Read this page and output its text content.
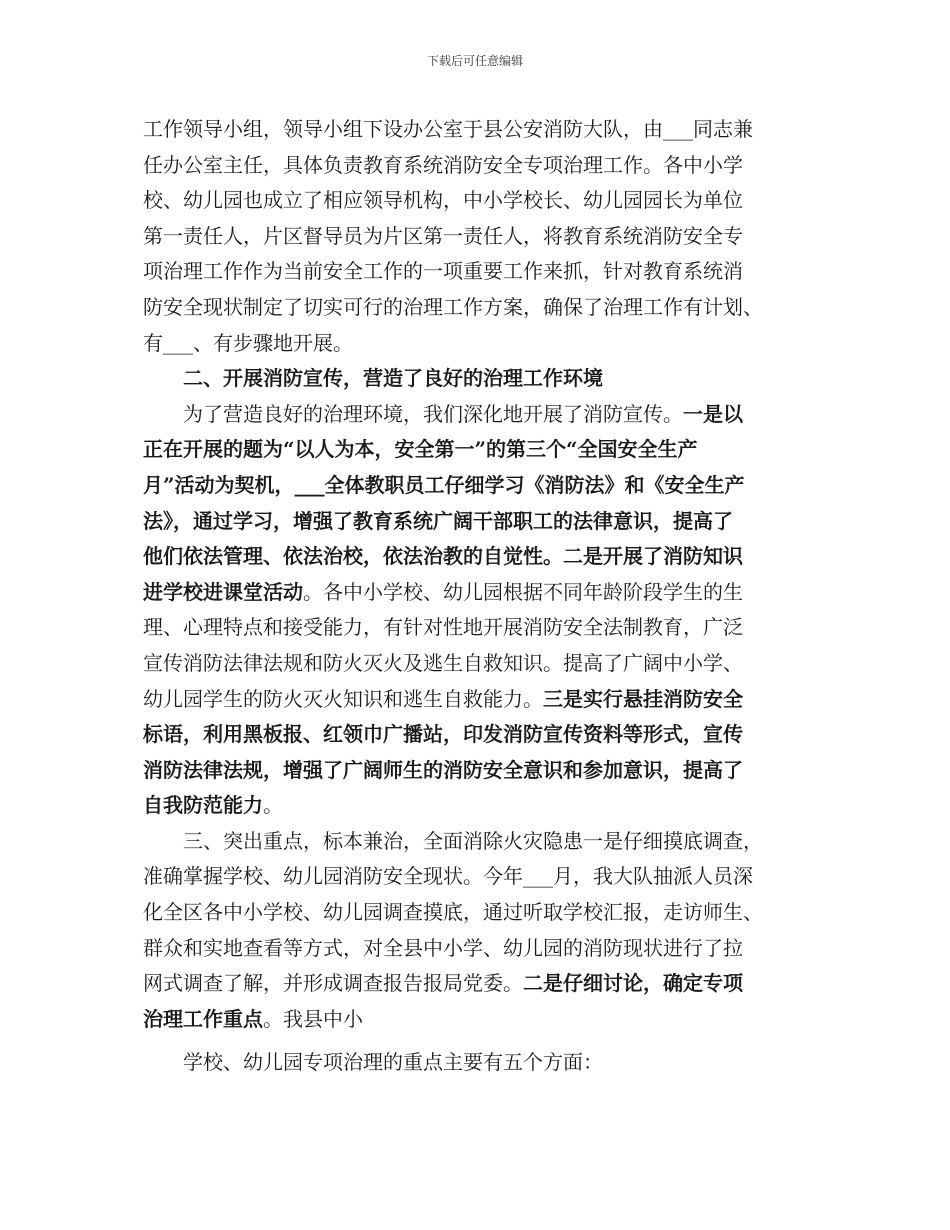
下载后可任意编辑
工作领导小组，领导小组下设办公室于县公安消防大队，由___同志兼
任办公室主任，具体负责教育系统消防安全专项治理工作。各中小学
校、幼儿园也成立了相应领导机构，中小学校长、幼儿园园长为单位
第一责任人，片区督导员为片区第一责任人，将教育系统消防安全专
项治理工作作为当前安全工作的一项重要工作来抓，针对教育系统消
防安全现状制定了切实可行的治理工作方案，确保了治理工作有计划、
有___、有步骤地开展。
二、开展消防宣传，营造了良好的治理工作环境
为了营造良好的治理环境，我们深化地开展了消防宣传。一是以
正在开展的题为“以人为本，安全第一”的第三个“全国安全生产
月”活动为契机，___全体教职员工仔细学习《消防法》和《安全生产
法》，通过学习，增强了教育系统广阔干部职工的法律意识，提高了
他们依法管理、依法治校，依法治教的自觉性。二是开展了消防知识
进学校进课堂活动。各中小学校、幼儿园根据不同年龄阶段学生的生
理、心理特点和接受能力，有针对性地开展消防安全法制教育，广泛
宣传消防法律法规和防火灭火及逃生自救知识。提高了广阔中小学、
幼儿园学生的防火灭火知识和逃生自救能力。三是实行悬挂消防安全
标语，利用黑板报、红领巾广播站，印发消防宣传资料等形式，宣传
消防法律法规，增强了广阔师生的消防安全意识和参加意识，提高了
自我防范能力。
三、突出重点，标本兼治，全面消除火灾隐患一是仔细摸底调查，
准确掌握学校、幼儿园消防安全现状。今年___月，我大队抽派人员深
化全区各中小学校、幼儿园调查摸底，通过听取学校汇报，走访师生、
群众和实地查看等方式，对全县中小学、幼儿园的消防现状进行了拉
网式调查了解，并形成调查报告报局党委。二是仔细讨论，确定专项
治理工作重点。我县中小
学校、幼儿园专项治理的重点主要有五个方面：
